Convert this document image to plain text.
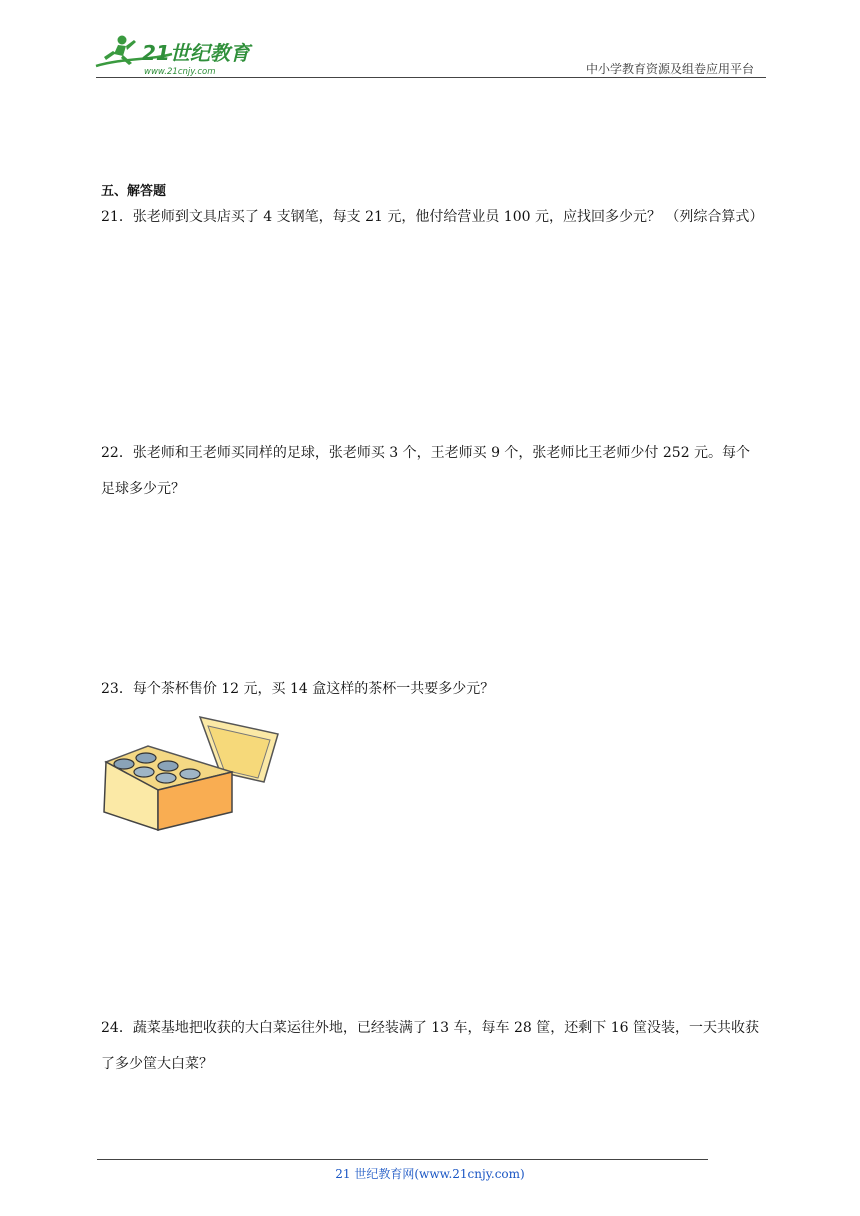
21世纪教育
www.21cnjy.com	中小学教育资源及组卷应用平台
五、解答题
21．张老师到文具店买了 4 支钢笔，每支 21 元，他付给营业员 100 元，应找回多少元？ （列综合算式）
22．张老师和王老师买同样的足球，张老师买 3 个，王老师买 9 个，张老师比王老师少付 252 元。每个足球多少元？
23．每个茶杯售价 12 元，买 14 盒这样的茶杯一共要多少元？
24．蔬菜基地把收获的大白菜运往外地，已经装满了 13 车，每车 28 筐，还剩下 16 筐没装，一天共收获了多少筐大白菜？
21 世纪教育网(www.21cnjy.com)
